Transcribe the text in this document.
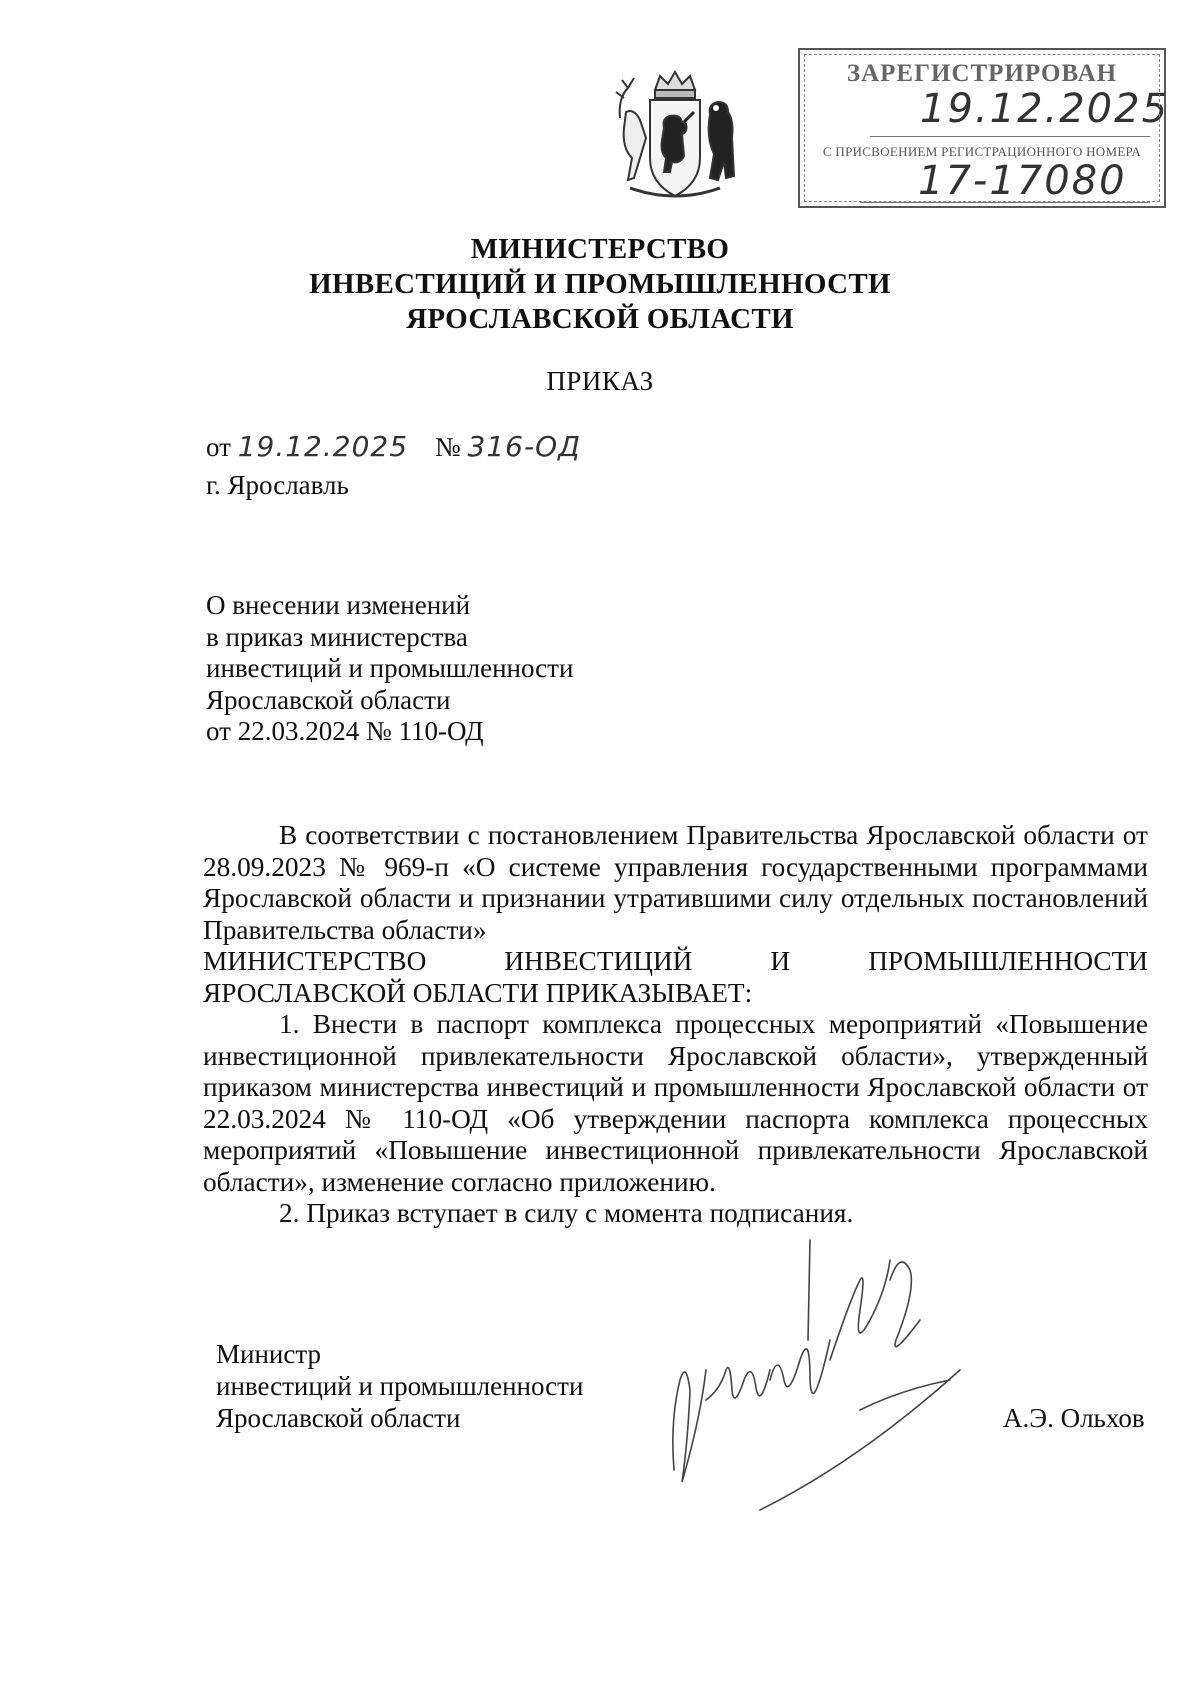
ЗАРЕГИСТРИРОВАН
19.12.2025
С ПРИСВОЕНИЕМ РЕГИСТРАЦИОННОГО НОМЕРА
17-17080
МИНИСТЕРСТВО
ИНВЕСТИЦИЙ И ПРОМЫШЛЕННОСТИ
ЯРОСЛАВСКОЙ ОБЛАСТИ
ПРИКАЗ
от 19.12.2025 № 316-ОД
г. Ярославль
О внесении изменений
в приказ министерства
инвестиций и промышленности
Ярославской области
от 22.03.2024 № 110-ОД

В соответствии с постановлением Правительства Ярославской области от 28.09.2023 № 969-п «О системе управления государственными программами Ярославской области и признании утратившими силу отдельных постановлений Правительства области»

МИНИСТЕРСТВО ИНВЕСТИЦИЙ И ПРОМЫШЛЕННОСТИ

ЯРОСЛАВСКОЙ ОБЛАСТИ ПРИКАЗЫВАЕТ:

1. Внести в паспорт комплекса процессных мероприятий «Повышение инвестиционной привлекательности Ярославской области», утвержденный приказом министерства инвестиций и промышленности Ярославской области от 22.03.2024 № 110-ОД «Об утверждении паспорта комплекса процессных мероприятий «Повышение инвестиционной привлекательности Ярославской области», изменение согласно приложению.

2. Приказ вступает в силу с момента подписания.

Министр
инвестиций и промышленности
Ярославской области	А.Э. Ольхов
